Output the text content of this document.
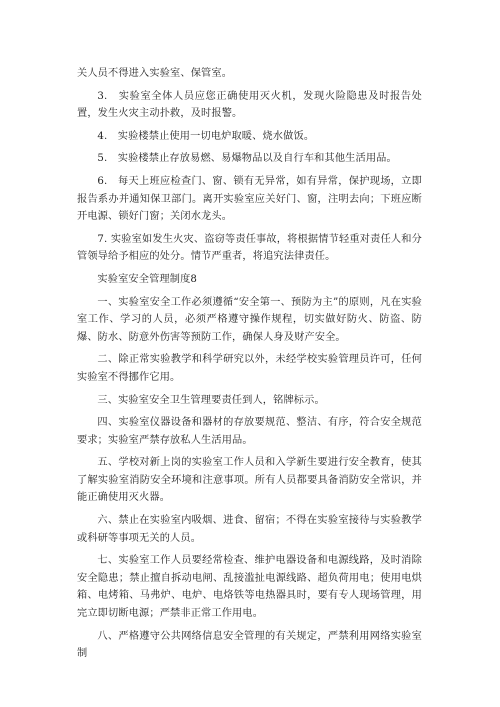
关人员不得进入实验室、保管室。

3.　实验室全体人员应您正确使用灭火机，发现火险隐患及时报告处置，发生火灾主动扑救，及时报警。

4.　实验楼禁止使用一切电炉取暖、烧水做饭。

5.　实验楼禁止存放易燃、易爆物品以及自行车和其他生活用品。

6.　每天上班应检查门、窗、锁有无异常，如有异常，保护现场，立即报告系办并通知保卫部门。离开实验室应关好门、窗，注明去向；下班应断开电源、锁好门窗；关闭水龙头。

7. 实验室如发生火灾、盗窃等责任事故，将根据情节轻重对责任人和分管领导给予相应的处分。情节严重者，将追究法律责任。

实验室安全管理制度8

一、实验室安全工作必须遵循“安全第一、预防为主”的原则，凡在实验室工作、学习的人员，必须严格遵守操作规程，切实做好防火、防盗、防爆、防水、防意外伤害等预防工作，确保人身及财产安全。

二、除正常实验教学和科学研究以外，未经学校实验管理员许可，任何实验室不得挪作它用。

三、实验室安全卫生管理要责任到人，铭牌标示。

四、实验室仪器设备和器材的存放要规范、整洁、有序，符合安全规范要求；实验室严禁存放私人生活用品。

五、学校对新上岗的实验室工作人员和入学新生要进行安全教育，使其了解实验室消防安全环境和注意事项。所有人员都要具备消防安全常识，并能正确使用灭火器。

六、禁止在实验室内吸烟、进食、留宿；不得在实验室接待与实验教学或科研等事项无关的人员。

七、实验室工作人员要经常检查、维护电器设备和电源线路，及时消除安全隐患；禁止擅自拆动电闸、乱接滥扯电源线路、超负荷用电；使用电烘箱、电烤箱、马弗炉、电炉、电烙铁等电热器具时，要有专人现场管理，用完立即切断电源；严禁非正常工作用电。

八、严格遵守公共网络信息安全管理的有关规定，严禁利用网络实验室制
